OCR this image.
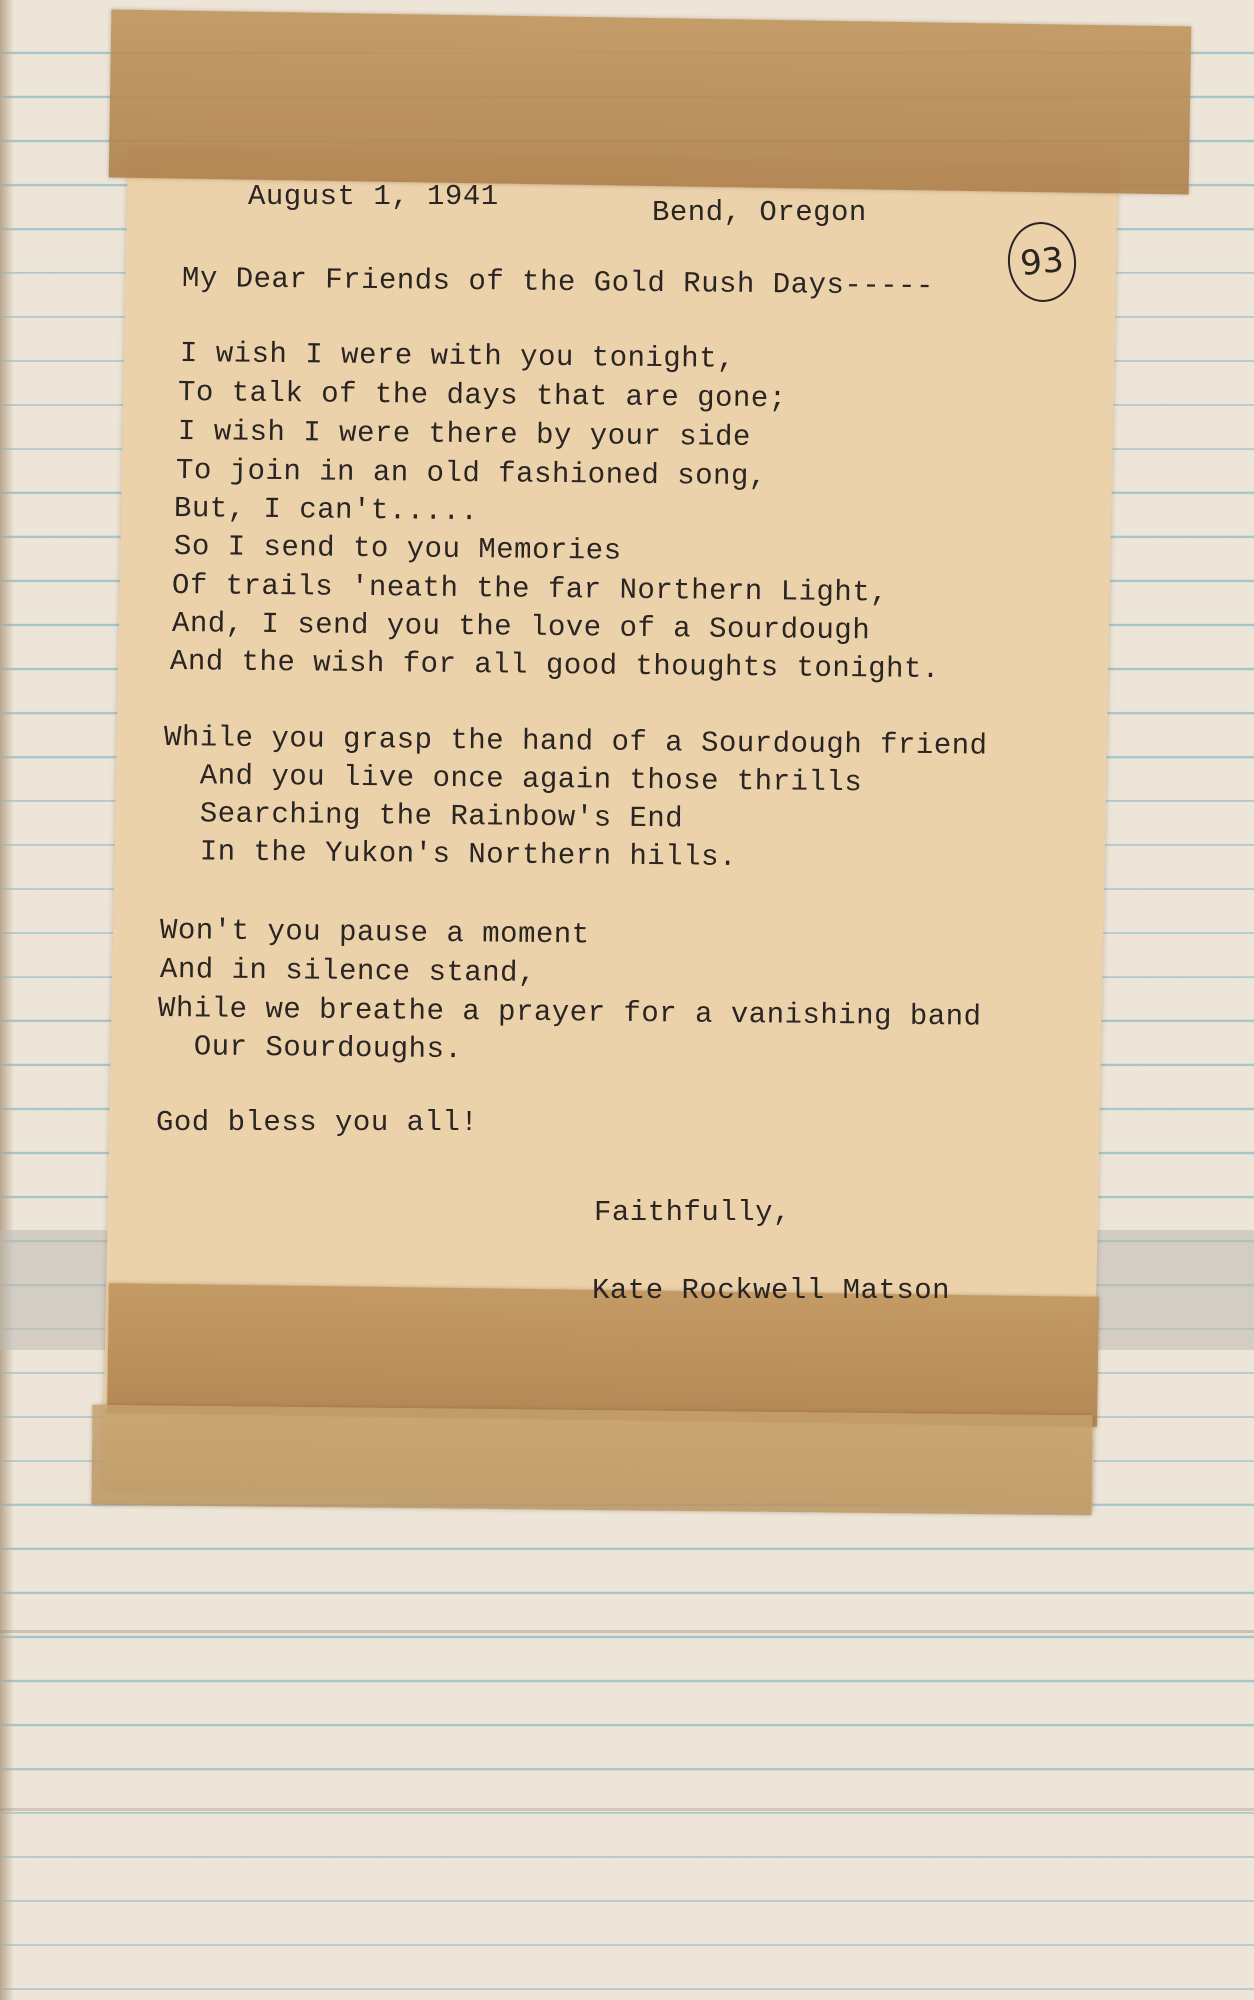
August 1, 1941	Bend, Oregon
93
My Dear Friends of the Gold Rush Days-----
I wish I were with you tonight,
To talk of the days that are gone;
I wish I were there by your side
To join in an old fashioned song,
But, I can't.....
So I send to you Memories
Of trails 'neath the far Northern Light,
And, I send you the love of a Sourdough
And the wish for all good thoughts tonight.
While you grasp the hand of a Sourdough friend
And you live once again those thrills
Searching the Rainbow's End
In the Yukon's Northern hills.
Won't you pause a moment
And in silence stand,
While we breathe a prayer for a vanishing band
Our Sourdoughs.
God bless you all!
Faithfully,
Kate Rockwell Matson
